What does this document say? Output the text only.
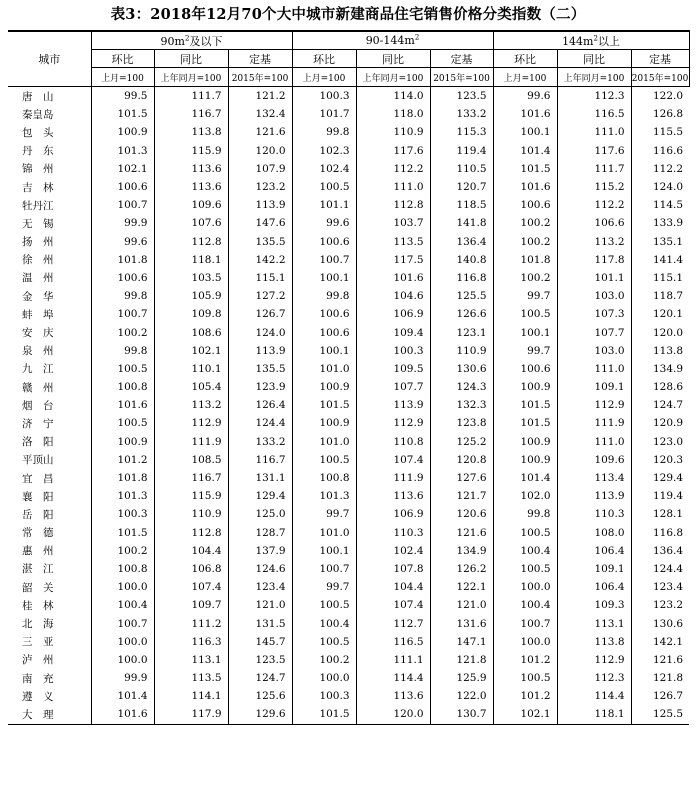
表3：2018年12月70个大中城市新建商品住宅销售价格分类指数（二）
城市	$90m^2$及以下			$90-144m^2$			$144m^2$以上		
	环比	同比	定基	环比	同比	定基	环比	同比	定基
	上月=100	上年同月=100	2015年=100	上月=100	上年同月=100	2015年=100	上月=100	上年同月=100	2015年=100
唐　山	99.5	111.7	121.2	100.3	114.0	123.5	99.6	112.3	122.0
秦皇岛	101.5	116.7	132.4	101.7	118.0	133.2	101.6	116.5	126.8
包　头	100.9	113.8	121.6	99.8	110.9	115.3	100.1	111.0	115.5
丹　东	101.3	115.9	120.0	102.3	117.6	119.4	101.4	117.6	116.6
锦　州	102.1	113.6	107.9	102.4	112.2	110.5	101.5	111.7	112.2
吉　林	100.6	113.6	123.2	100.5	111.0	120.7	101.6	115.2	124.0
牡丹江	100.7	109.6	113.9	101.1	112.8	118.5	100.6	112.2	114.5
无　锡	99.9	107.6	147.6	99.6	103.7	141.8	100.2	106.6	133.9
扬　州	99.6	112.8	135.5	100.6	113.5	136.4	100.2	113.2	135.1
徐　州	101.8	118.1	142.2	100.7	117.5	140.8	101.8	117.8	141.4
温　州	100.6	103.5	115.1	100.1	101.6	116.8	100.2	101.1	115.1
金　华	99.8	105.9	127.2	99.8	104.6	125.5	99.7	103.0	118.7
蚌　埠	100.7	109.8	126.7	100.6	106.9	126.6	100.5	107.3	120.1
安　庆	100.2	108.6	124.0	100.6	109.4	123.1	100.1	107.7	120.0
泉　州	99.8	102.1	113.9	100.1	100.3	110.9	99.7	103.0	113.8
九　江	100.5	110.1	135.5	101.0	109.5	130.6	100.6	111.0	134.9
赣　州	100.8	105.4	123.9	100.9	107.7	124.3	100.9	109.1	128.6
烟　台	101.6	113.2	126.4	101.5	113.9	132.3	101.5	112.9	124.7
济　宁	100.5	112.9	124.4	100.9	112.9	123.8	101.5	111.9	120.9
洛　阳	100.9	111.9	133.2	101.0	110.8	125.2	100.9	111.0	123.0
平顶山	101.2	108.5	116.7	100.5	107.4	120.8	100.9	109.6	120.3
宜　昌	101.8	116.7	131.1	100.8	111.9	127.6	101.4	113.4	129.4
襄　阳	101.3	115.9	129.4	101.3	113.6	121.7	102.0	113.9	119.4
岳　阳	100.3	110.9	125.0	99.7	106.9	120.6	99.8	110.3	128.1
常　德	101.5	112.8	128.7	101.0	110.3	121.6	100.5	108.0	116.8
惠　州	100.2	104.4	137.9	100.1	102.4	134.9	100.4	106.4	136.4
湛　江	100.8	106.8	124.6	100.7	107.8	126.2	100.5	109.1	124.4
韶　关	100.0	107.4	123.4	99.7	104.4	122.1	100.0	106.4	123.4
桂　林	100.4	109.7	121.0	100.5	107.4	121.0	100.4	109.3	123.2
北　海	100.7	111.2	131.5	100.4	112.7	131.6	100.7	113.1	130.6
三　亚	100.0	116.3	145.7	100.5	116.5	147.1	100.0	113.8	142.1
泸　州	100.0	113.1	123.5	100.2	111.1	121.8	101.2	112.9	121.6
南　充	99.9	113.5	124.7	100.0	114.4	125.9	100.5	112.3	121.8
遵　义	101.4	114.1	125.6	100.3	113.6	122.0	101.2	114.4	126.7
大　理	101.6	117.9	129.6	101.5	120.0	130.7	102.1	118.1	125.5
